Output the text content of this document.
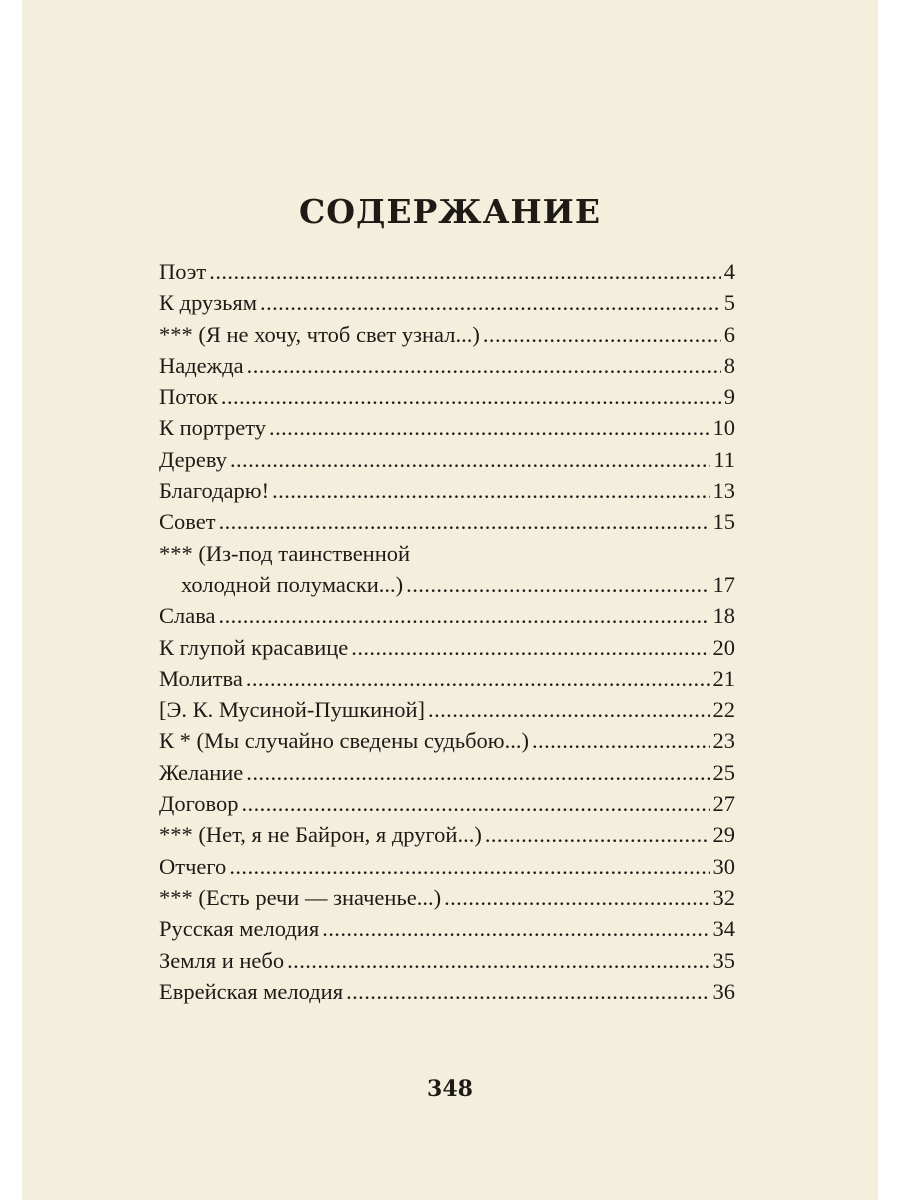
СОДЕРЖАНИЕ
Поэт . . .	4
К друзьям . . .	5
*** (Я не хочу, чтоб свет узнал...) . . .	6
Надежда . . .	8
Поток . . .	9
К портрету . . .	10
Дереву . . .	11
Благодарю! . . .	13
Совет . . .	15
*** (Из-под таинственной
холодной полумаски...) . . .	17
Слава . . .	18
К глупой красавице . . .	20
Молитва . . .	21
[Э. К. Мусиной-Пушкиной] . . .	22
К * (Мы случайно сведены судьбою...) . . .	23
Желание . . .	25
Договор . . .	27
*** (Нет, я не Байрон, я другой...) . . .	29
Отчего . . .	30
*** (Есть речи — значенье...) . . .	32
Русская мелодия . . .	34
Земля и небо . . .	35
Еврейская мелодия . . .	36
348
